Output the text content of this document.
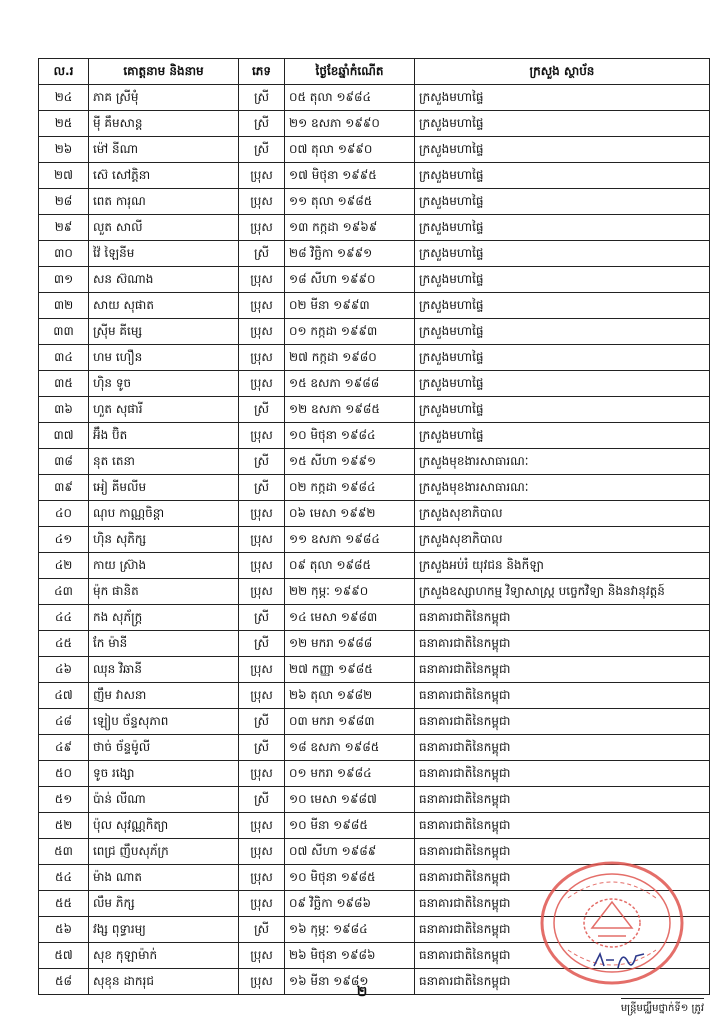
ល.រ	គោត្តនាម និងនាម	ភេទ	ថ្ងៃខែឆ្នាំកំណើត	ក្រសួង ស្ថាប័ន
២៤	ភាគ ស្រីមុំ	ស្រី	០៥ តុលា ១៩៨៤	ក្រសួងមហាផ្ទៃ
២៥	ម៉ី គឹមសាន្ត	ស្រី	២១ ឧសភា ១៩៩០	ក្រសួងមហាផ្ទៃ
២៦	ម៉ៅ នីណា	ស្រី	០៧ តុលា ១៩៩០	ក្រសួងមហាផ្ទៃ
២៧	ស៊េ សៅភ្គិនា	ប្រុស	១៧ មិថុនា ១៩៩៥	ក្រសួងមហាផ្ទៃ
២៨	ពេត ការុណ	ប្រុស	១១ តុលា ១៩៨៥	ក្រសួងមហាផ្ទៃ
២៩	លួត សាលី	ប្រុស	១៣ កក្កដា ១៩៦៩	ក្រសួងមហាផ្ទៃ
៣០	វ៉ៃ ឡៃនីម	ស្រី	២៨ វិច្ឆិកា ១៩៩១	ក្រសួងមហាផ្ទៃ
៣១	សន ស៊ណាង	ប្រុស	១៨ សីហា ១៩៩០	ក្រសួងមហាផ្ទៃ
៣២	សាយ សុផាត	ប្រុស	០២ មីនា ១៩៩៣	ក្រសួងមហាផ្ទៃ
៣៣	ស្រ៊ីម គីម្សេ	ប្រុស	០១ កក្កដា ១៩៩៣	ក្រសួងមហាផ្ទៃ
៣៤	ហម ហឿន	ប្រុស	២៧ កក្កដា ១៩៨០	ក្រសួងមហាផ្ទៃ
៣៥	ហ៊ិន ទូច	ប្រុស	១៥ ឧសភា ១៩៨៨	ក្រសួងមហាផ្ទៃ
៣៦	ហួត សុផារី	ស្រី	១២ ឧសភា ១៩៨៥	ក្រសួងមហាផ្ទៃ
៣៧	អ៊ឹង ប៊ិត	ប្រុស	១០ មិថុនា ១៩៨៤	ក្រសួងមហាផ្ទៃ
៣៨	នុត តេនា	ស្រី	១៥ សីហា ១៩៩១	ក្រសួងមុខងារសាធារណៈ
៣៩	អៀ គីមលីម	ស្រី	០២ កក្កដា ១៩៨៤	ក្រសួងមុខងារសាធារណៈ
៤០	ណុប កាណ្ណចិន្តា	ប្រុស	០៦ មេសា ១៩៩២	ក្រសួងសុខាភិបាល
៤១	ហ៊ិន សុភិក្ស	ប្រុស	១១ ឧសភា ១៩៨៤	ក្រសួងសុខាភិបាល
៤២	កាយ ស្រ៊ាង	ប្រុស	០៩ តុលា ១៩៨៥	ក្រសួងអប់រំ យុវជន និងកីឡា
៤៣	ម៉ុក ផានិត	ប្រុស	២២ កុម្ភៈ ១៩៩០	ក្រសួងឧស្សាហកម្ម វិទ្យាសាស្ត្រ បច្ចេកវិទ្យា និងនវានុវត្តន៍
៤៤	កង សុភ័ក្ត្រ	ស្រី	១៤ មេសា ១៩៨៣	ធនាគារជាតិនៃកម្ពុជា
៤៥	កែ ម៉ានី	ស្រី	១២ មករា ១៩៨៨	ធនាគារជាតិនៃកម្ពុជា
៤៦	ឈុន វិឆានី	ប្រុស	២៧ កញ្ញា ១៩៨៥	ធនាគារជាតិនៃកម្ពុជា
៤៧	ញឹម វាសនា	ប្រុស	២៦ តុលា ១៩៨២	ធនាគារជាតិនៃកម្ពុជា
៤៨	ឡៀប ច័ន្ទសុភាព	ស្រី	០៣ មករា ១៩៨៣	ធនាគារជាតិនៃកម្ពុជា
៤៩	ថាច់ ច័ន្ទម៉ូលី	ស្រី	១៨ ឧសភា ១៩៨៥	ធនាគារជាតិនៃកម្ពុជា
៥០	ទូច រង្សោ	ប្រុស	០១ មករា ១៩៨៤	ធនាគារជាតិនៃកម្ពុជា
៥១	ប៉ាន់ លីណា	ស្រី	១០ មេសា ១៩៨៧	ធនាគារជាតិនៃកម្ពុជា
៥២	ប៉ុល សុវណ្ណកិត្យា	ប្រុស	១០ មីនា ១៩៨៥	ធនាគារជាតិនៃកម្ពុជា
៥៣	ពេជ្រ ញឹបសុភ័ក្រ	ប្រុស	០៧ សីហា ១៩៨៩	ធនាគារជាតិនៃកម្ពុជា
៥៤	ម៉ាង ណាត	ប្រុស	១០ មិថុនា ១៩៨៥	ធនាគារជាតិនៃកម្ពុជា
៥៥	លឹម ភិក្ស	ប្រុស	០៩ វិច្ឆិកា ១៩៨៦	ធនាគារជាតិនៃកម្ពុជា
៥៦	វង្ស ពុទ្ធារម្យ	ស្រី	១៦ កុម្ភៈ ១៩៨៤	ធនាគារជាតិនៃកម្ពុជា
៥៧	សុខ កុឡាម៉ាក់	ប្រុស	២៦ មិថុនា ១៩៨៦	ធនាគារជាតិនៃកម្ពុជា
៥៨	សុខុន ដាករុជ	ប្រុស	១៦ មីនា ១៩៨១	ធនាគារជាតិនៃកម្ពុជា
២
មន្ត្រីមជ្ឈឹមថ្នាក់ទី១ ត្រូវ
